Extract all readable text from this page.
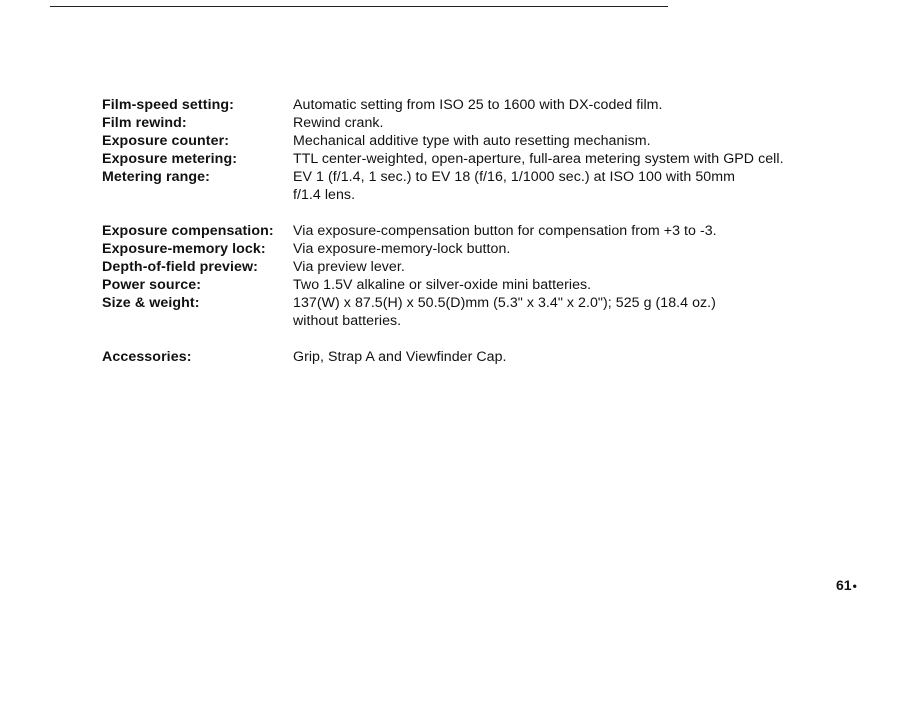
Film-speed setting:	Automatic setting from ISO 25 to 1600 with DX-coded film.
Film rewind:	Rewind crank.
Exposure counter:	Mechanical additive type with auto resetting mechanism.
Exposure metering:	TTL center-weighted, open-aperture, full-area metering system with GPD cell.
Metering range:	EV 1 (f/1.4, 1 sec.) to EV 18 (f/16, 1/1000 sec.) at ISO 100 with 50mm
f/1.4 lens.
Exposure compensation:	Via exposure-compensation button for compensation from +3 to -3.
Exposure-memory lock:	Via exposure-memory-lock button.
Depth-of-field preview:	Via preview lever.
Power source:	Two 1.5V alkaline or silver-oxide mini batteries.
Size & weight:	137(W) x 87.5(H) x 50.5(D)mm (5.3" x 3.4" x 2.0"); 525 g (18.4 oz.)
without batteries.
Accessories:	Grip, Strap A and Viewfinder Cap.
61•
